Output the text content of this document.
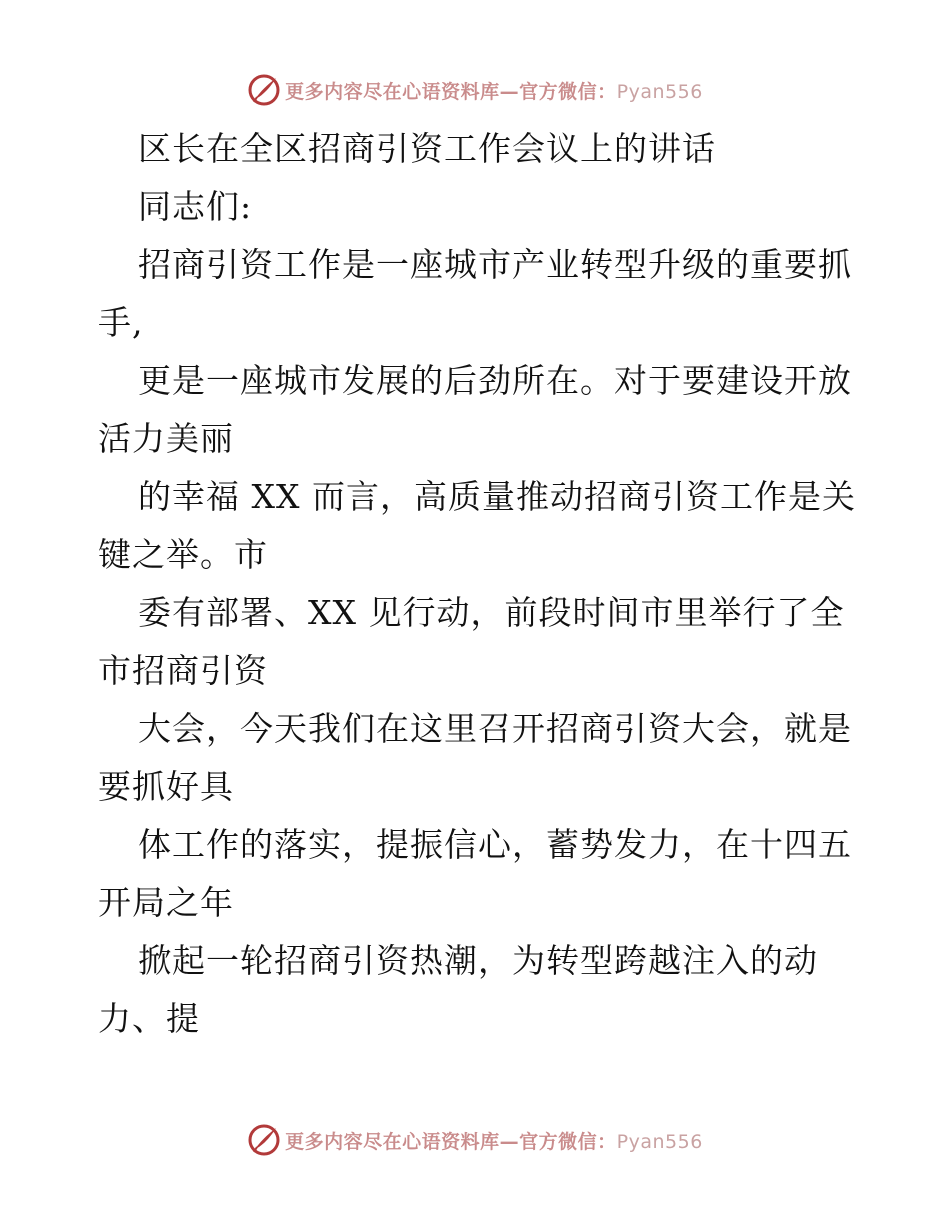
更多内容尽在心语资料库—官方微信：Pyan556
区长在全区招商引资工作会议上的讲话
同志们:
招商引资工作是一座城市产业转型升级的重要抓
手,
更是一座城市发展的后劲所在。对于要建设开放
活力美丽
的幸福 XX 而言，高质量推动招商引资工作是关
键之举。市
委有部署、XX 见行动，前段时间市里举行了全
市招商引资
大会，今天我们在这里召开招商引资大会，就是
要抓好具
体工作的落实，提振信心，蓄势发力，在十四五
开局之年
掀起一轮招商引资热潮，为转型跨越注入的动
力、提
更多内容尽在心语资料库—官方微信：Pyan556
